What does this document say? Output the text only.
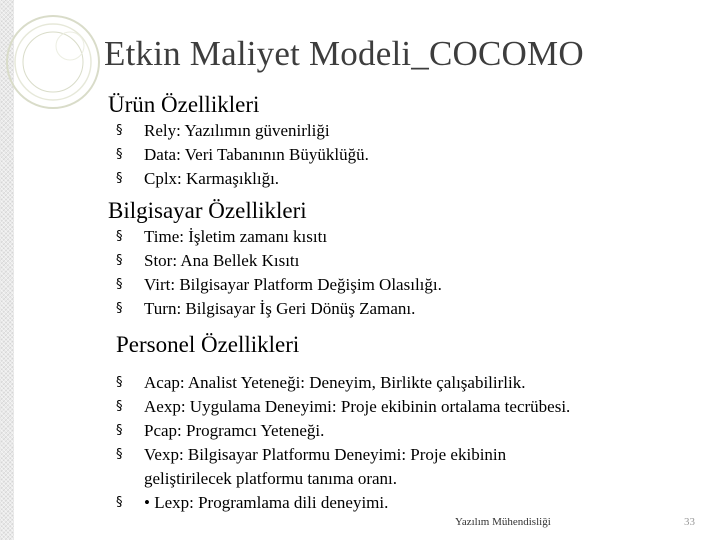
Etkin Maliyet Modeli_COCOMO
Ürün Özellikleri
§ Rely: Yazılımın güvenirliği
§ Data: Veri Tabanının Büyüklüğü.
§ Cplx: Karmaşıklığı.
Bilgisayar Özellikleri
§ Time: İşletim zamanı kısıtı
§ Stor: Ana Bellek Kısıtı
§ Virt: Bilgisayar Platform Değişim Olasılığı.
§ Turn: Bilgisayar İş Geri Dönüş Zamanı.
Personel Özellikleri
§ Acap: Analist Yeteneği: Deneyim, Birlikte çalışabilirlik.
§ Aexp: Uygulama Deneyimi: Proje ekibinin ortalama tecrübesi.
§ Pcap: Programcı Yeteneği.
§ Vexp: Bilgisayar Platformu Deneyimi: Proje ekibinin
geliştirilecek platformu tanıma oranı.
§ • Lexp: Programlama dili deneyimi.
Yazılım Mühendisliği	33
